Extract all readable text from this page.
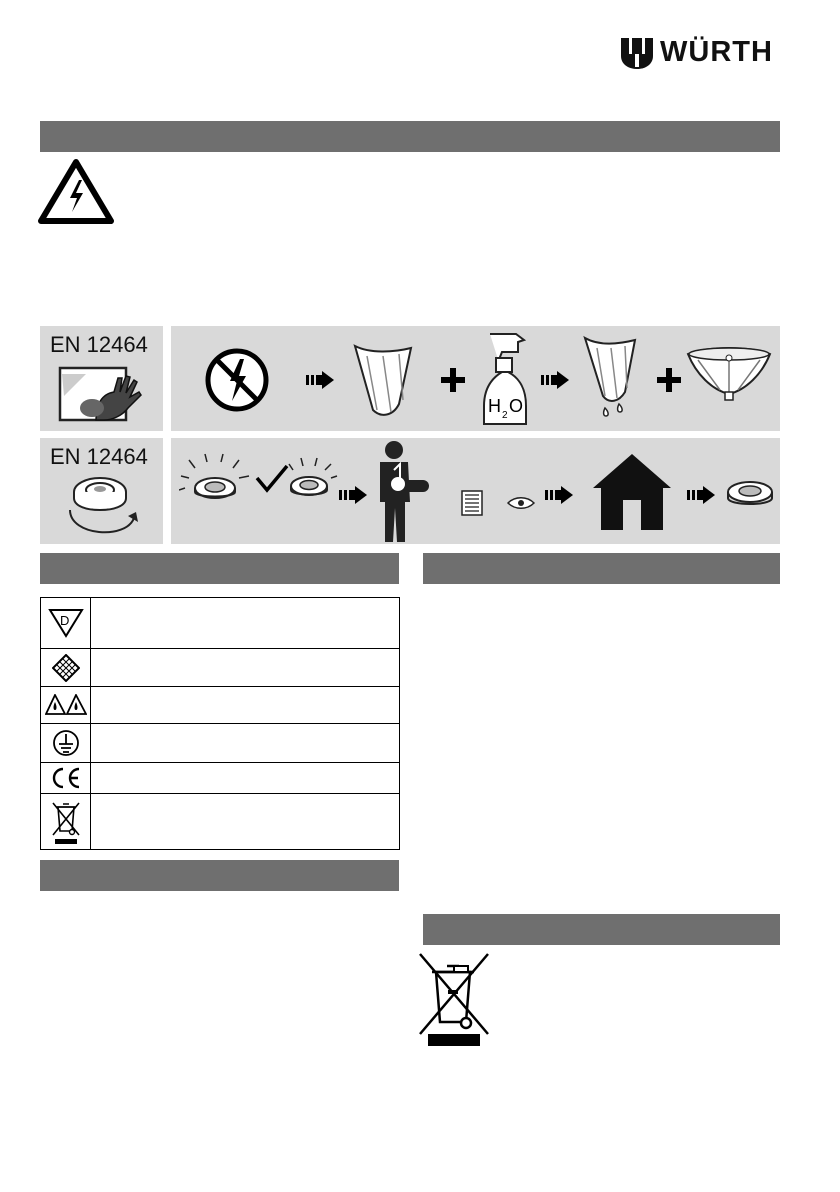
WÜRTH
EN 12464
H 2 O
EN 12464
D	
